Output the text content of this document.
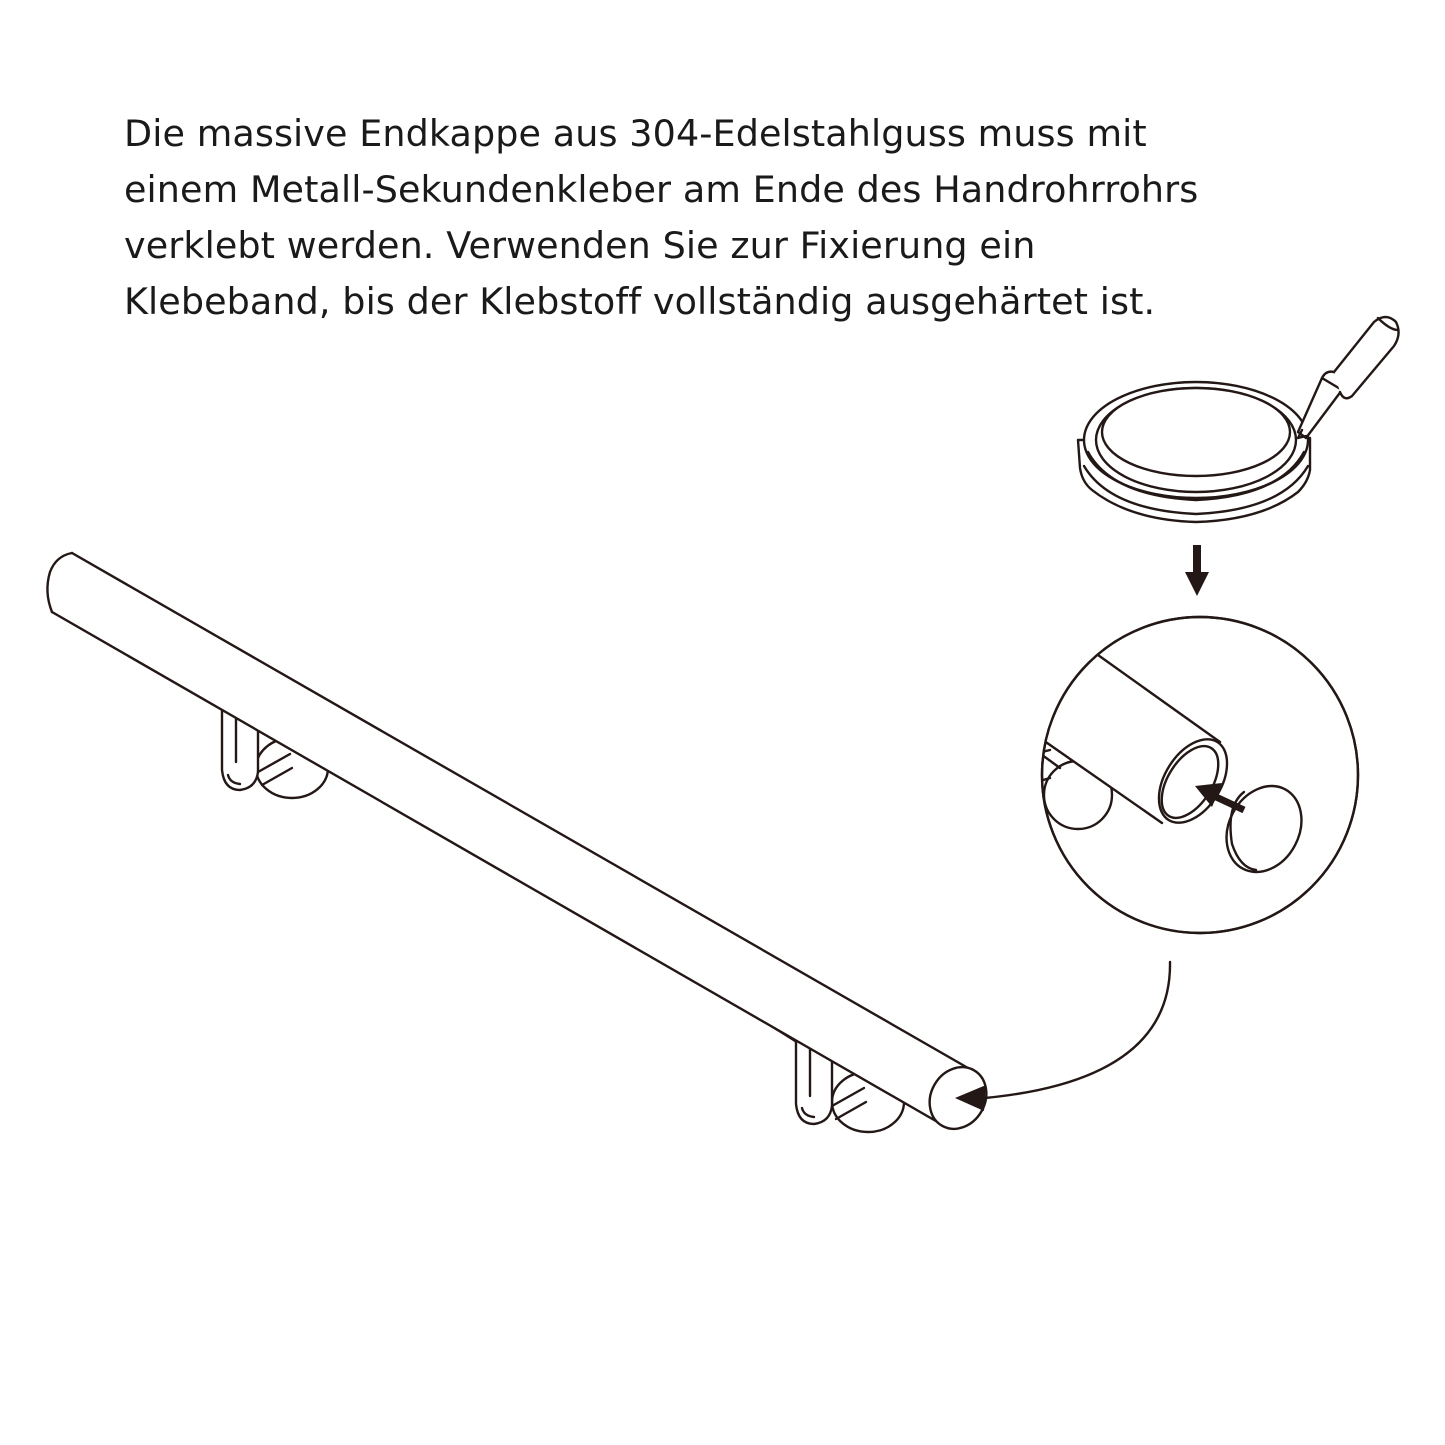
Die massive Endkappe aus 304-Edelstahlguss muss mit
einem Metall-Sekundenkleber am Ende des Handrohrrohrs
verklebt werden. Verwenden Sie zur Fixierung ein
Klebeband, bis der Klebstoff vollständig ausgehärtet ist.
